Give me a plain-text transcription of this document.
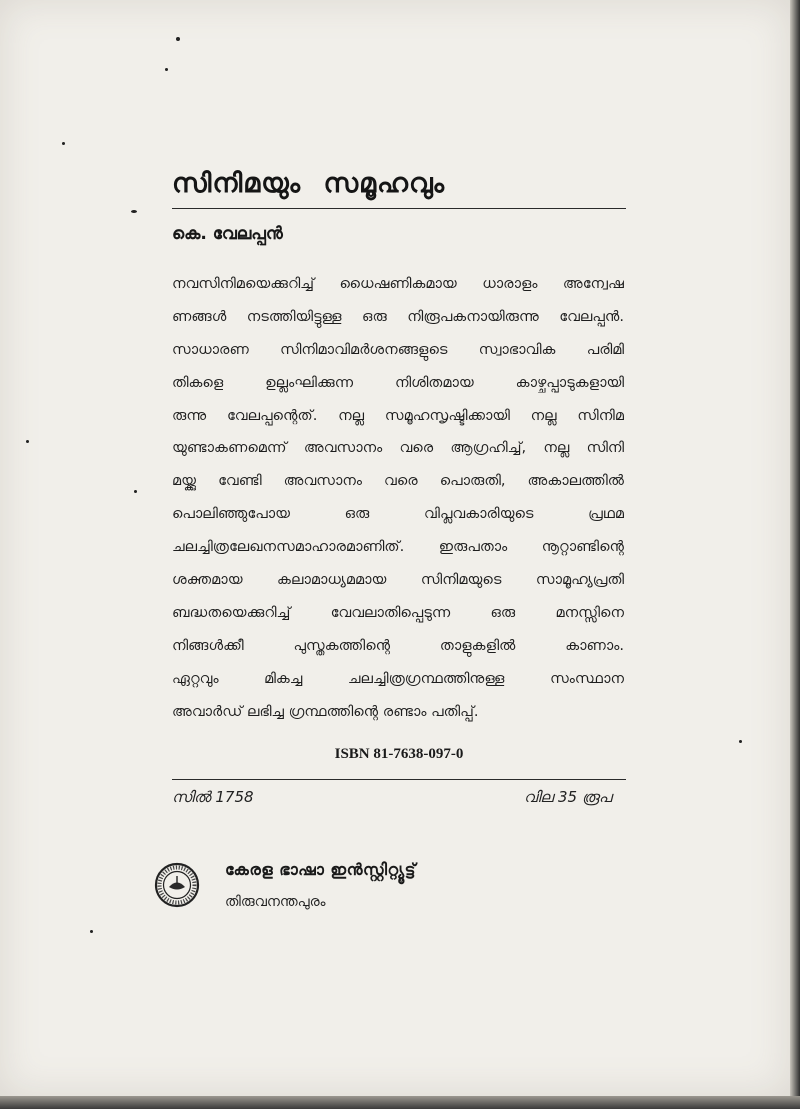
സിനിമയും സമൂഹവും

കെ. വേലപ്പൻ

നവസിനിമയെക്കുറിച്ച് ധൈഷണികമായ ധാരാളം അന്വേഷ
ണങ്ങൾ നടത്തിയിട്ടുള്ള ഒരു നിരൂപകനായിരുന്നു വേലപ്പൻ.
സാധാരണ സിനിമാവിമർശനങ്ങളുടെ സ്വാഭാവിക പരിമി
തികളെ ഉല്ലംഘിക്കുന്ന നിശിതമായ കാഴ്ചപ്പാടുകളായി
രുന്നു വേലപ്പന്റെത്. നല്ല സമൂഹസൃഷ്ടിക്കായി നല്ല സിനിമ
യുണ്ടാകണമെന്ന് അവസാനം വരെ ആഗ്രഹിച്ച്, നല്ല സിനി
മയ്ക്കു വേണ്ടി അവസാനം വരെ പൊരുതി, അകാലത്തിൽ
പൊലിഞ്ഞുപോയ ഒരു വിപ്ലവകാരിയുടെ പ്രഥമ
ചലച്ചിത്രലേഖനസമാഹാരമാണിത്. ഇരുപതാം നൂറ്റാണ്ടിന്റെ
ശക്തമായ കലാമാധ്യമമായ സിനിമയുടെ സാമൂഹ്യപ്രതി
ബദ്ധതയെക്കുറിച്ച് വേവലാതിപ്പെടുന്ന ഒരു മനസ്സിനെ
നിങ്ങൾക്കീ പുസ്തകത്തിന്റെ താളുകളിൽ കാണാം.
ഏറ്റവും മികച്ച ചലച്ചിത്രഗ്രന്ഥത്തിനുള്ള സംസ്ഥാന
അവാർഡ് ലഭിച്ച ഗ്രന്ഥത്തിന്റെ രണ്ടാം പതിപ്പ്.

ISBN 81-7638-097-0

സിൽ 1758	വില 35 രൂപ

കേരള ഭാഷാ ഇൻസ്റ്റിറ്റ്യൂട്ട്

തിരുവനന്തപുരം
